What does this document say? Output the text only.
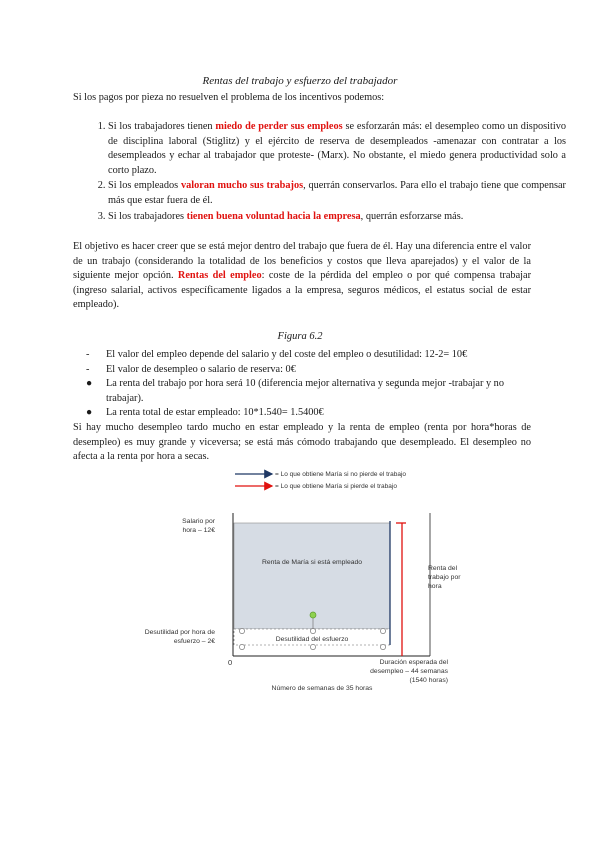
Rentas del trabajo y esfuerzo del trabajador
Si los pagos por pieza no resuelven el problema de los incentivos podemos:
1. Si los trabajadores tienen miedo de perder sus empleos se esforzarán más: el desempleo como un dispositivo de disciplina laboral (Stiglitz) y el ejército de reserva de desempleados -amenazar con contratar a los desempleados y echar al trabajador que proteste- (Marx). No obstante, el miedo genera productividad solo a corto plazo.
2. Si los empleados valoran mucho sus trabajos, querrán conservarlos. Para ello el trabajo tiene que compensar más que estar fuera de él.
3. Si los trabajadores tienen buena voluntad hacia la empresa, querrán esforzarse más.
El objetivo es hacer creer que se está mejor dentro del trabajo que fuera de él. Hay una diferencia entre el valor de un trabajo (considerando la totalidad de los beneficios y costos que lleva aparejados) y el valor de la siguiente mejor opción. Rentas del empleo: coste de la pérdida del empleo o por qué compensa trabajar (ingreso salarial, activos específicamente ligados a la empresa, seguros médicos, el estatus social de estar empleado).
Figura 6.2
- El valor del empleo depende del salario y del coste del empleo o desutilidad: 12-2= 10€
- El valor de desempleo o salario de reserva: 0€
● La renta del trabajo por hora será 10 (diferencia mejor alternativa y segunda mejor -trabajar y no trabajar).
● La renta total de estar empleado: 10*1.540= 1.5400€
Si hay mucho desempleo tardo mucho en estar empleado y la renta de empleo (renta por hora*horas de desempleo) es muy grande y viceversa; se está más cómodo trabajando que desempleado. El desempleo no afecta a la renta por hora a secas.
= Lo que obtiene María si no pierde el trabajo
= Lo que obtiene María si pierde el trabajo
Salario por
hora – 12€
Renta de María si está empleado
Desutilidad por hora de
esfuerzo – 2€	Desutilidad del esfuerzo
Renta del
trabajo por
hora
0	Duración esperada del
desempleo – 44 semanas
(1540 horas)
Número de semanas de 35 horas
